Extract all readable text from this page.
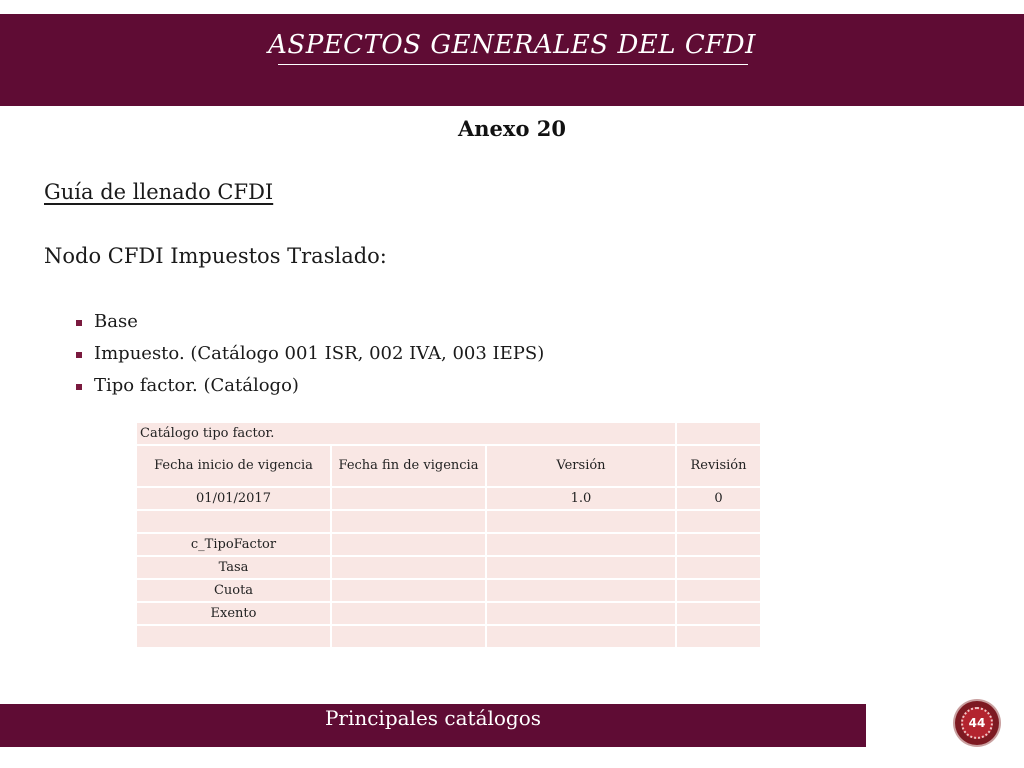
ASPECTOS GENERALES DEL CFDI
Anexo 20
Guía de llenado CFDI
Nodo CFDI Impuestos Traslado:
Base
Impuesto. (Catálogo 001 ISR, 002 IVA, 003 IEPS)
Tipo factor. (Catálogo)
Catálogo tipo factor.			
Fecha inicio de vigencia	Fecha fin de vigencia	Versión	Revisión
01/01/2017		1.0	0

c_TipoFactor			
Tasa			
Cuota			
Exento			

Principales catálogos	44
